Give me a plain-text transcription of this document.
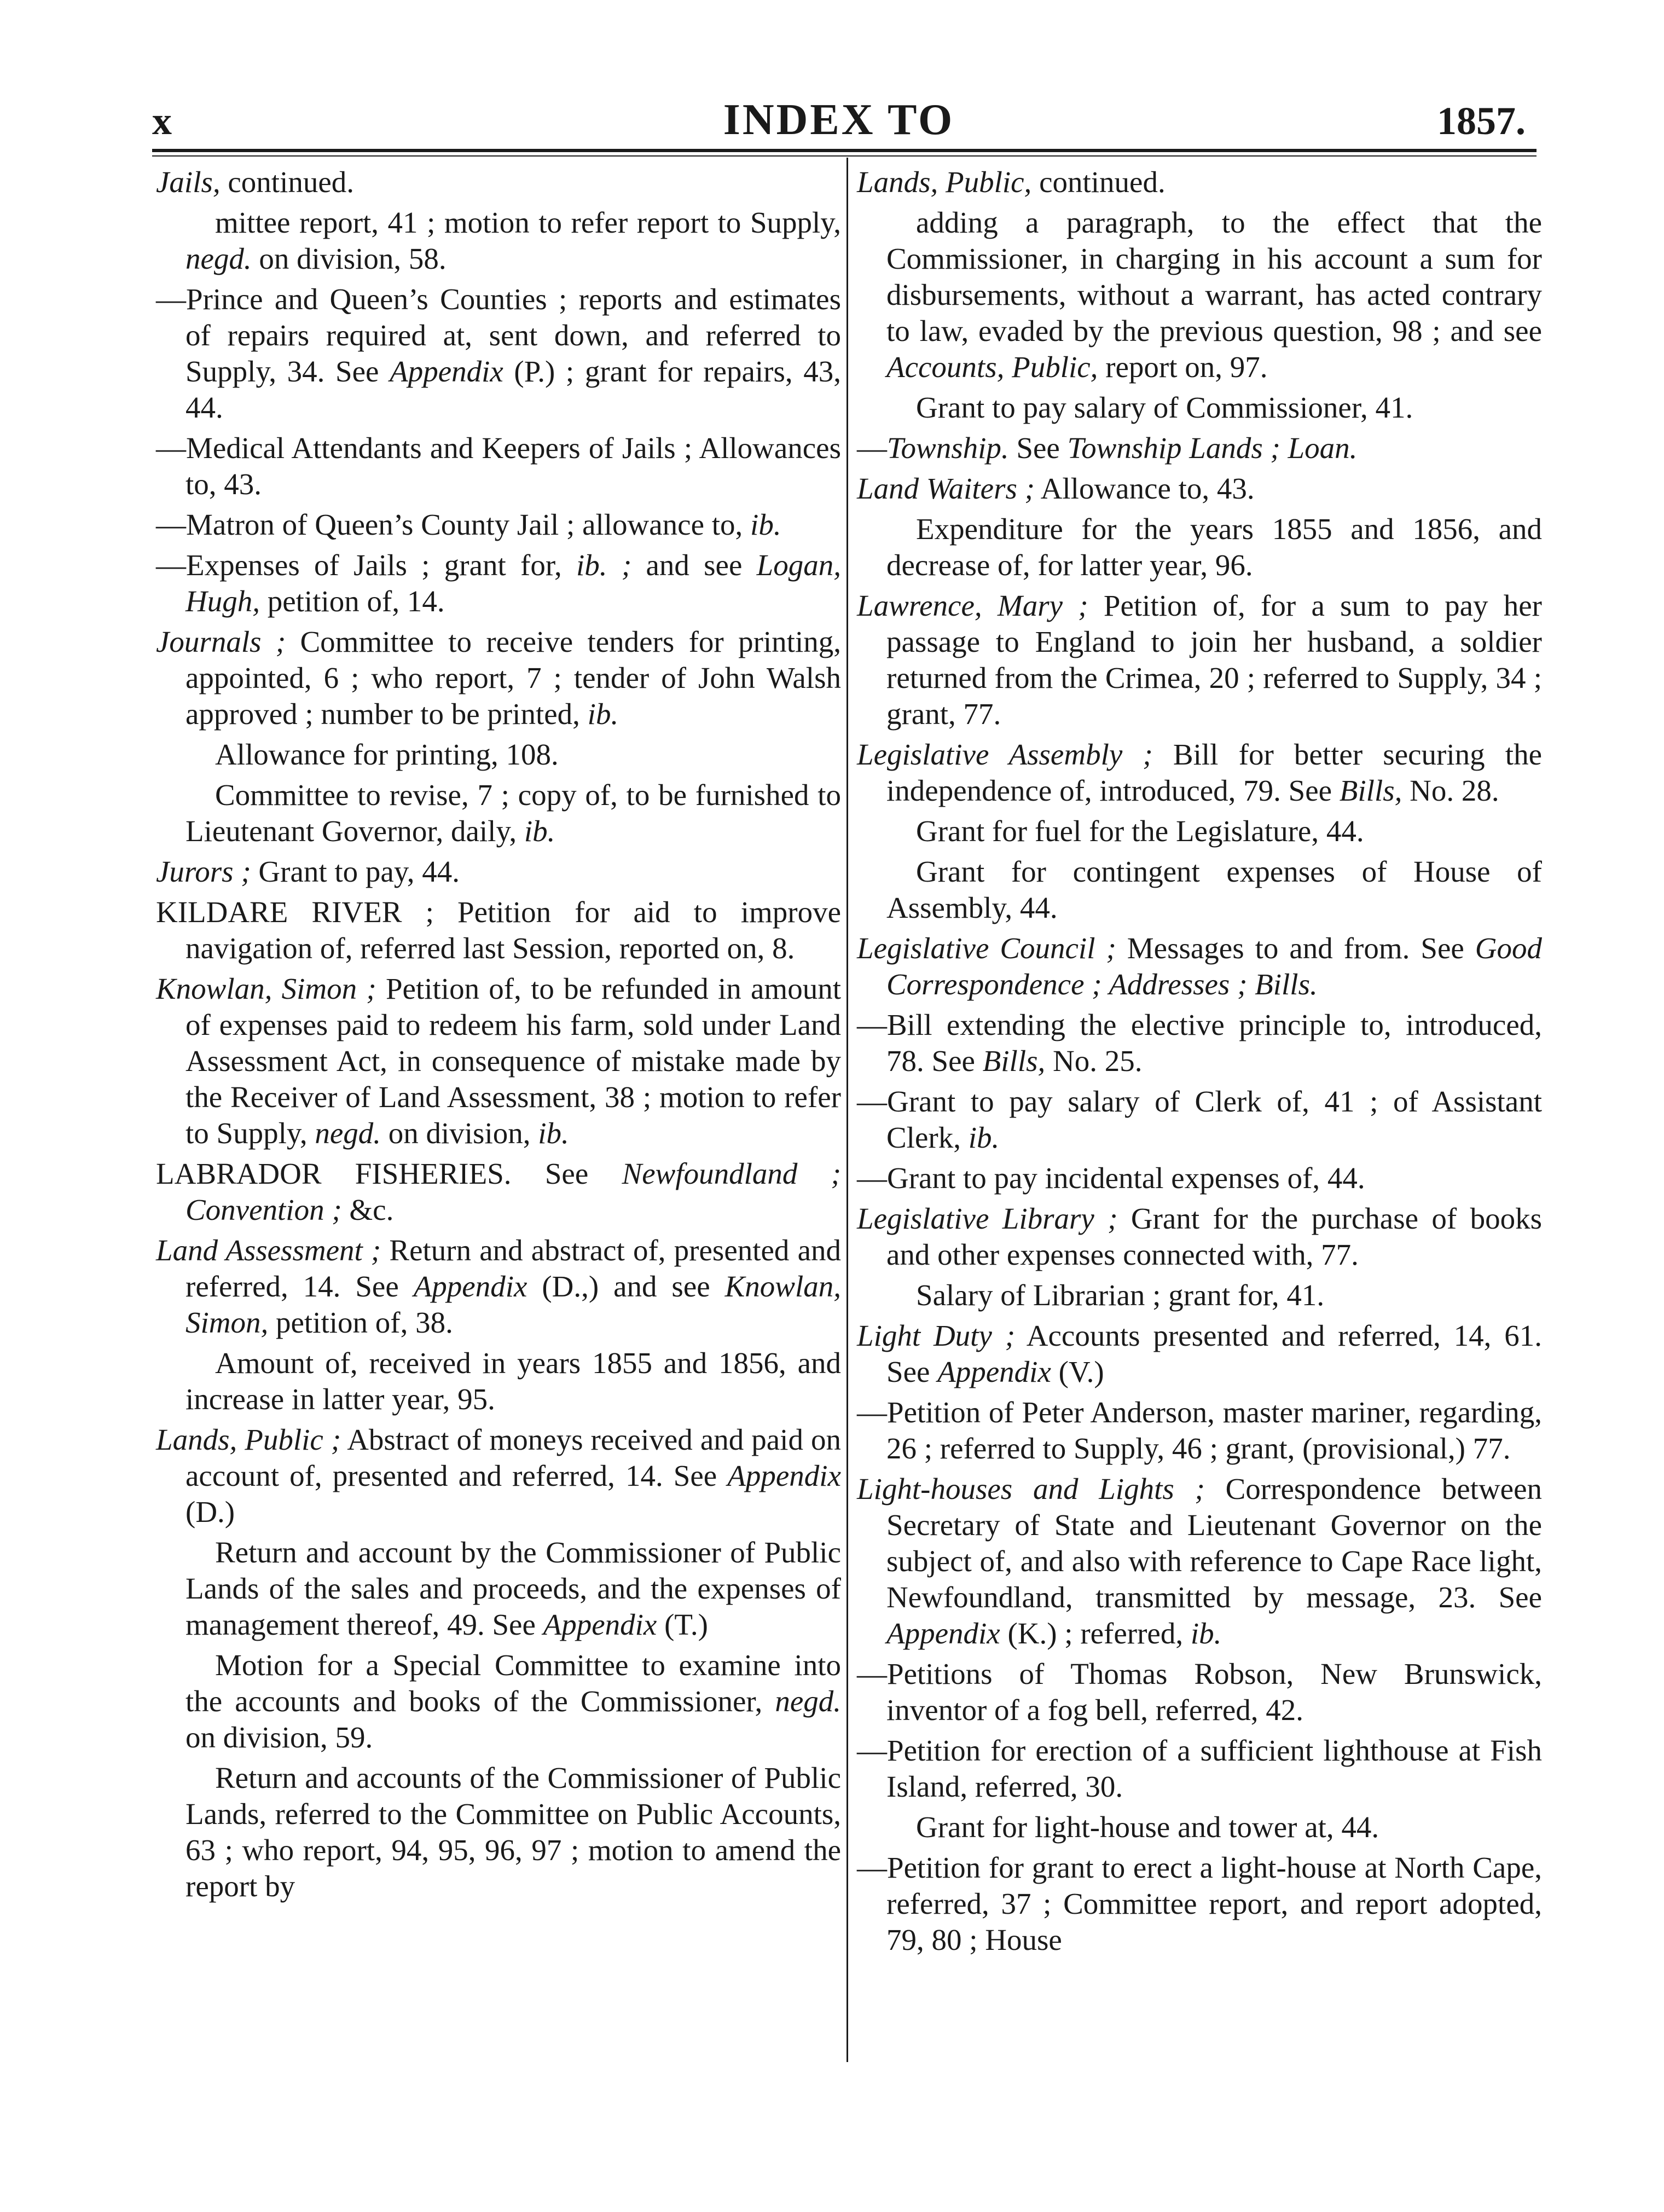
x	INDEX TO	1857.
Jails, continued.
mittee report, 41 ; motion to refer report to Supply, negd. on division, 58.
—Prince and Queen’s Counties ; reports and estimates of repairs required at, sent down, and referred to Supply, 34. See Appendix (P.) ; grant for repairs, 43, 44.
—Medical Attendants and Keepers of Jails ; Allowances to, 43.
—Matron of Queen’s County Jail ; allowance to, ib.
—Expenses of Jails ; grant for, ib. ; and see Logan, Hugh, petition of, 14.
Journals ; Committee to receive tenders for printing, appointed, 6 ; who report, 7 ; tender of John Walsh approved ; number to be printed, ib.
Allowance for printing, 108.
Committee to revise, 7 ; copy of, to be furnished to Lieutenant Governor, daily, ib.
Jurors ; Grant to pay, 44.
KILDARE RIVER ; Petition for aid to improve navigation of, referred last Session, reported on, 8.
Knowlan, Simon ; Petition of, to be refunded in amount of expenses paid to redeem his farm, sold under Land Assessment Act, in consequence of mistake made by the Receiver of Land Assessment, 38 ; motion to refer to Supply, negd. on division, ib.
LABRADOR FISHERIES. See Newfoundland ; Convention ; &c.
Land Assessment ; Return and abstract of, presented and referred, 14. See Appendix (D.,) and see Knowlan, Simon, petition of, 38.
Amount of, received in years 1855 and 1856, and increase in latter year, 95.
Lands, Public ; Abstract of moneys received and paid on account of, presented and referred, 14. See Appendix (D.)
Return and account by the Commissioner of Public Lands of the sales and proceeds, and the expenses of management thereof, 49. See Appendix (T.)
Motion for a Special Committee to examine into the accounts and books of the Commissioner, negd. on division, 59.
Return and accounts of the Commissioner of Public Lands, referred to the Committee on Public Accounts, 63 ; who report, 94, 95, 96, 97 ; motion to amend the report by
Lands, Public, continued.
adding a paragraph, to the effect that the Commissioner, in charging in his account a sum for disbursements, without a warrant, has acted contrary to law, evaded by the previous question, 98 ; and see Accounts, Public, report on, 97.
Grant to pay salary of Commissioner, 41.
—Township. See Township Lands ; Loan.
Land Waiters ; Allowance to, 43.
Expenditure for the years 1855 and 1856, and decrease of, for latter year, 96.
Lawrence, Mary ; Petition of, for a sum to pay her passage to England to join her husband, a soldier returned from the Crimea, 20 ; referred to Supply, 34 ; grant, 77.
Legislative Assembly ; Bill for better securing the independence of, introduced, 79. See Bills, No. 28.
Grant for fuel for the Legislature, 44.
Grant for contingent expenses of House of Assembly, 44.
Legislative Council ; Messages to and from. See Good Correspondence ; Addresses ; Bills.
—Bill extending the elective principle to, introduced, 78. See Bills, No. 25.
—Grant to pay salary of Clerk of, 41 ; of Assistant Clerk, ib.
—Grant to pay incidental expenses of, 44.
Legislative Library ; Grant for the purchase of books and other expenses connected with, 77.
Salary of Librarian ; grant for, 41.
Light Duty ; Accounts presented and referred, 14, 61. See Appendix (V.)
—Petition of Peter Anderson, master mariner, regarding, 26 ; referred to Supply, 46 ; grant, (provisional,) 77.
Light-houses and Lights ; Correspondence between Secretary of State and Lieutenant Governor on the subject of, and also with reference to Cape Race light, Newfoundland, transmitted by message, 23. See Appendix (K.) ; referred, ib.
—Petitions of Thomas Robson, New Brunswick, inventor of a fog bell, referred, 42.
—Petition for erection of a sufficient lighthouse at Fish Island, referred, 30.
Grant for light-house and tower at, 44.
—Petition for grant to erect a light-house at North Cape, referred, 37 ; Committee report, and report adopted, 79, 80 ; House
